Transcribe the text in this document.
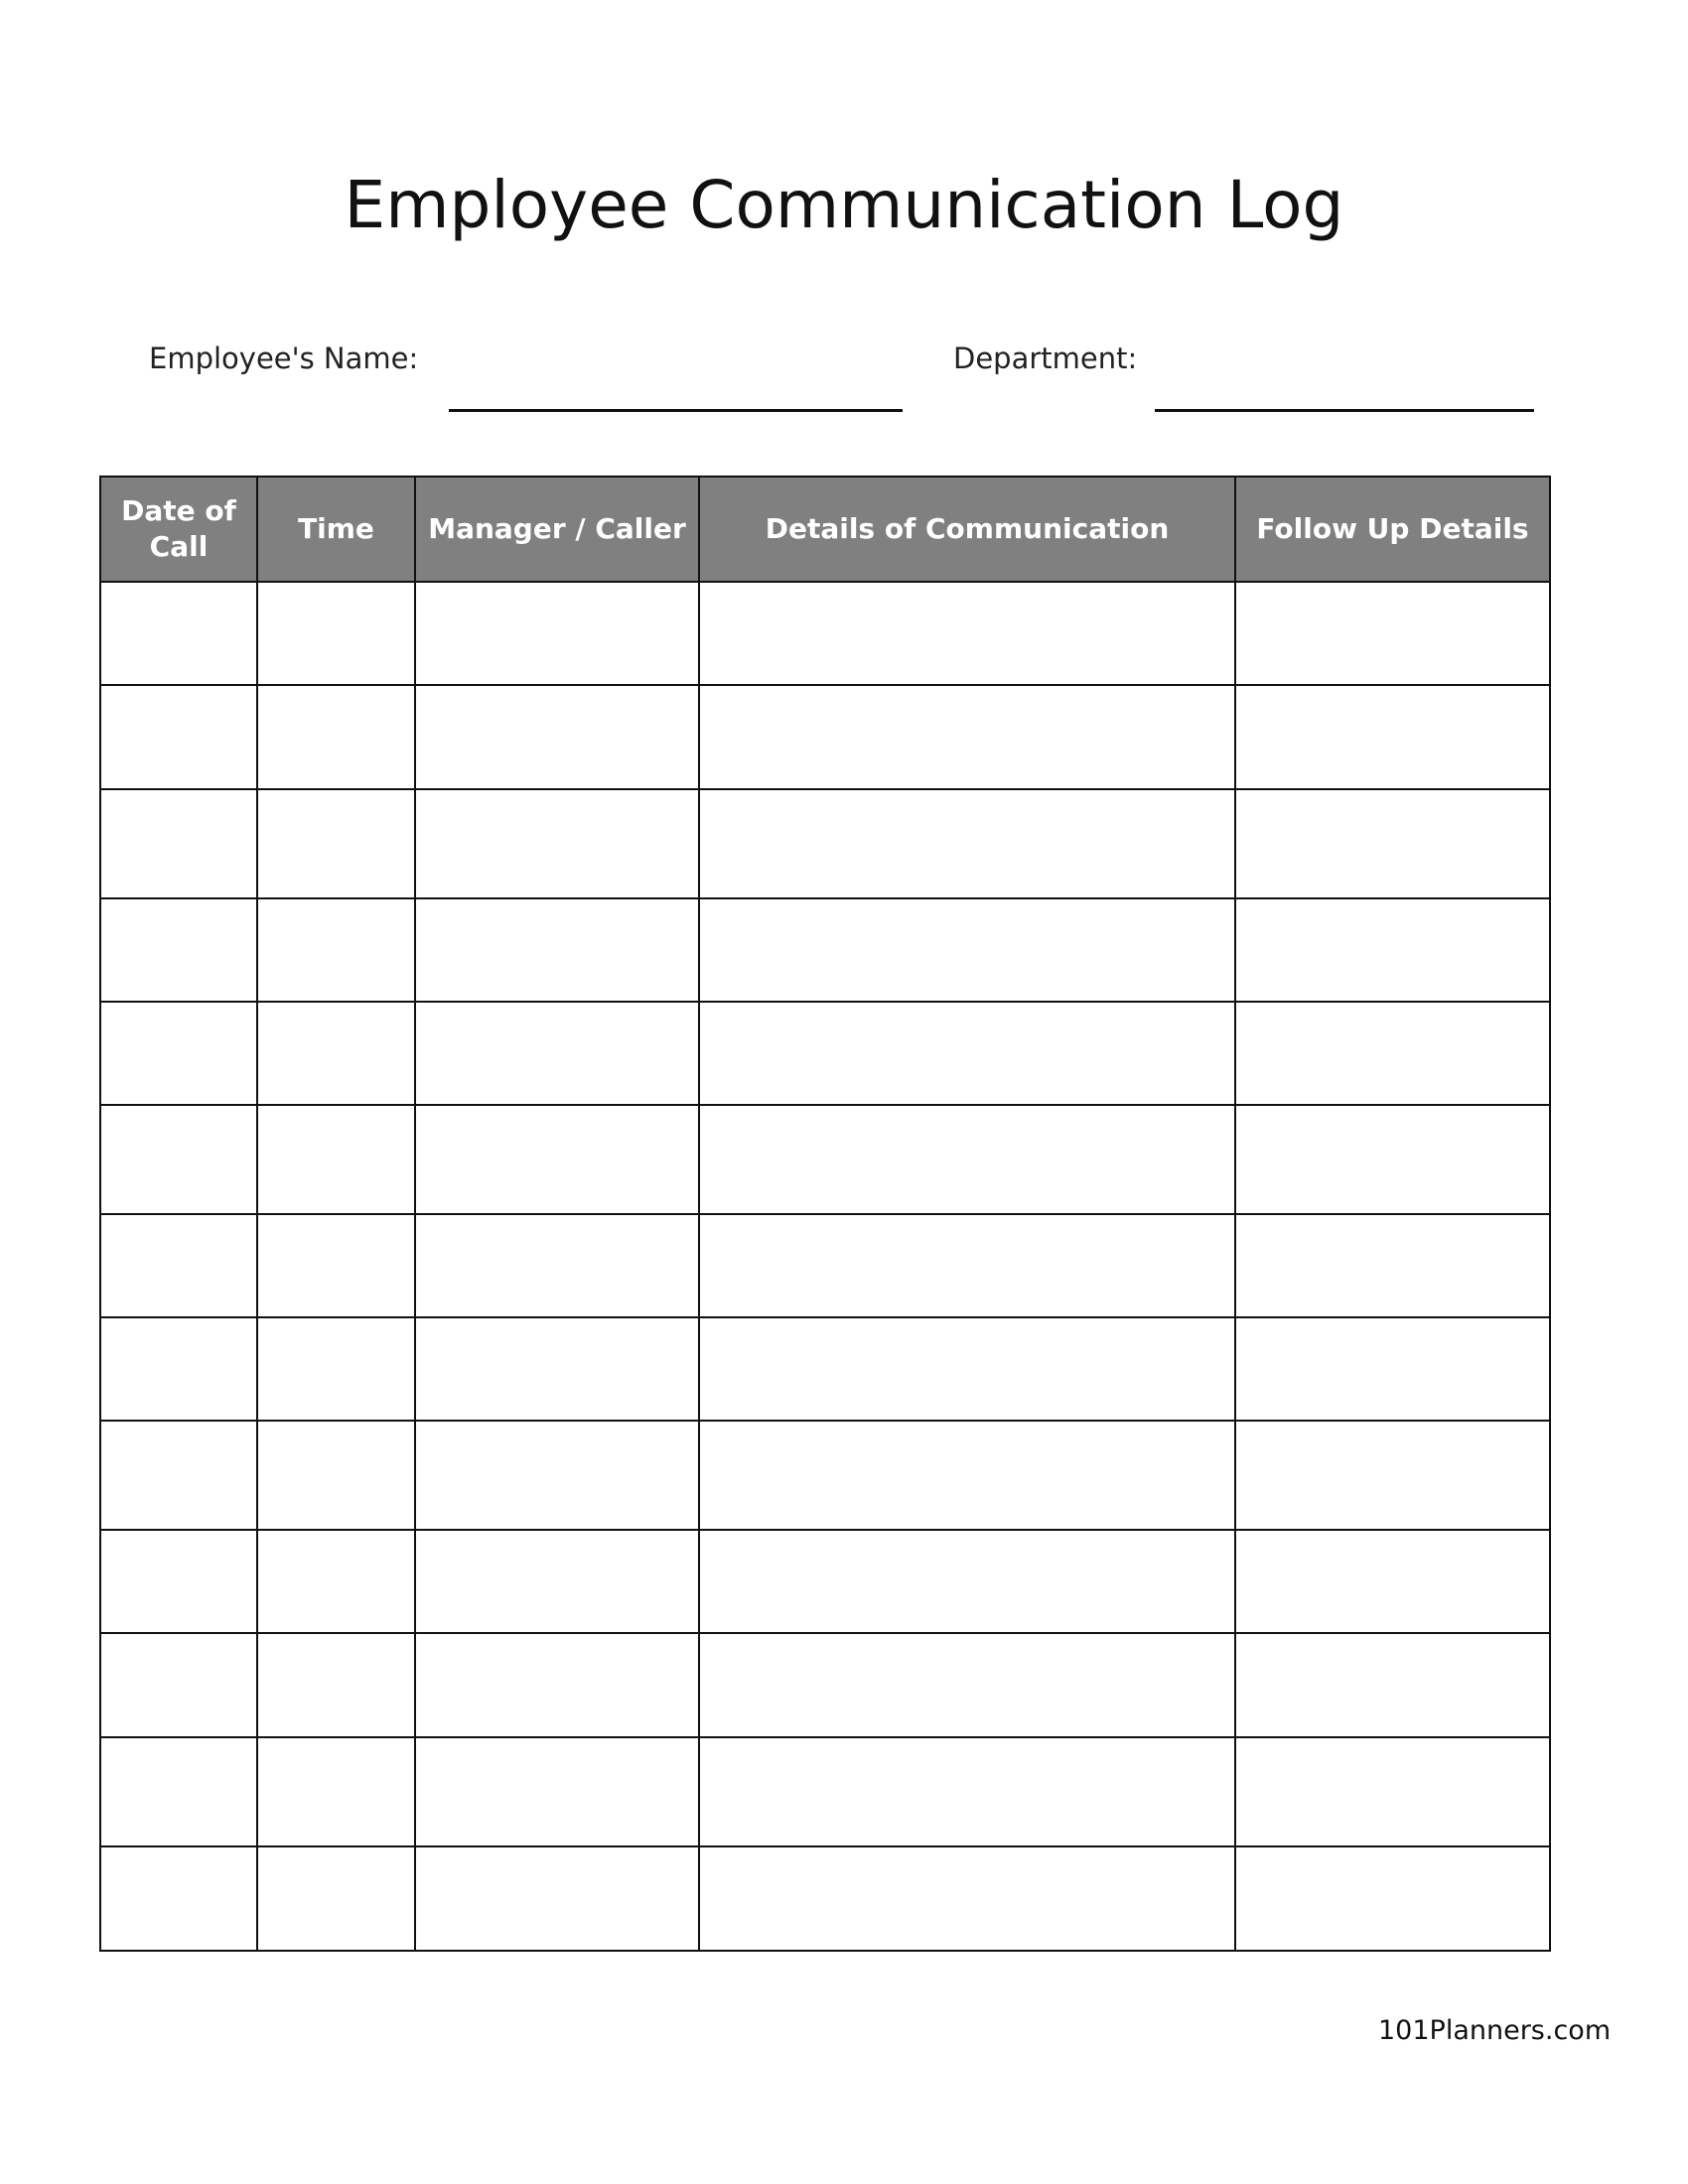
Employee Communication Log
Employee's Name:	Department:
Date of Call	Time	Manager / Caller	Details of Communication	Follow Up Details

101Planners.com
